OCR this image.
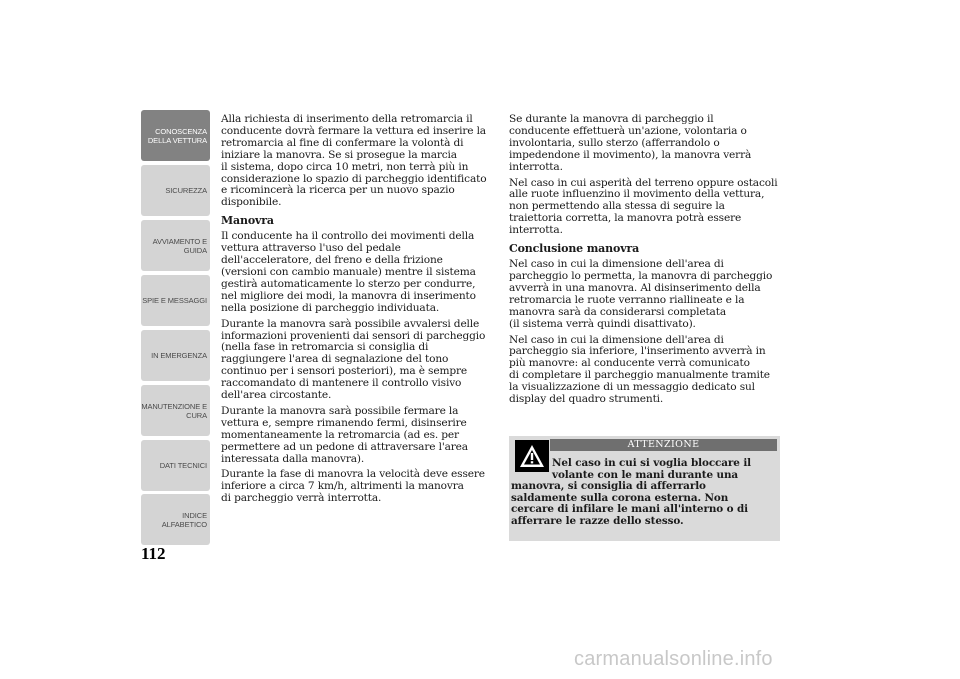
CONOSCENZA
DELLA VETTURA
SICUREZZA
AVVIAMENTO E
GUIDA
SPIE E MESSAGGI
IN EMERGENZA
MANUTENZIONE E
CURA
DATI TECNICI
INDICE
ALFABETICO
112

Alla richiesta di inserimento della retromarcia il
conducente dovrà fermare la vettura ed inserire la
retromarcia al fine di confermare la volontà di
iniziare la manovra. Se si prosegue la marcia
il sistema, dopo circa 10 metri, non terrà più in
considerazione lo spazio di parcheggio identificato
e ricomincerà la ricerca per un nuovo spazio
disponibile.

Manovra

Il conducente ha il controllo dei movimenti della
vettura attraverso l'uso del pedale
dell'acceleratore, del freno e della frizione
(versioni con cambio manuale) mentre il sistema
gestirà automaticamente lo sterzo per condurre,
nel migliore dei modi, la manovra di inserimento
nella posizione di parcheggio individuata.

Durante la manovra sarà possibile avvalersi delle
informazioni provenienti dai sensori di parcheggio
(nella fase in retromarcia si consiglia di
raggiungere l'area di segnalazione del tono
continuo per i sensori posteriori), ma è sempre
raccomandato di mantenere il controllo visivo
dell'area circostante.

Durante la manovra sarà possibile fermare la
vettura e, sempre rimanendo fermi, disinserire
momentaneamente la retromarcia (ad es. per
permettere ad un pedone di attraversare l'area
interessata dalla manovra).

Durante la fase di manovra la velocità deve essere
inferiore a circa 7 km/h, altrimenti la manovra
di parcheggio verrà interrotta.

Se durante la manovra di parcheggio il
conducente effettuerà un'azione, volontaria o
involontaria, sullo sterzo (afferrandolo o
impedendone il movimento), la manovra verrà
interrotta.

Nel caso in cui asperità del terreno oppure ostacoli
alle ruote influenzino il movimento della vettura,
non permettendo alla stessa di seguire la
traiettoria corretta, la manovra potrà essere
interrotta.

Conclusione manovra

Nel caso in cui la dimensione dell'area di
parcheggio lo permetta, la manovra di parcheggio
avverrà in una manovra. Al disinserimento della
retromarcia le ruote verranno riallineate e la
manovra sarà da considerarsi completata
(il sistema verrà quindi disattivato).

Nel caso in cui la dimensione dell'area di
parcheggio sia inferiore, l'inserimento avverrà in
più manovre: al conducente verrà comunicato
di completare il parcheggio manualmente tramite
la visualizzazione di un messaggio dedicato sul
display del quadro strumenti.

ATTENZIONE
Nel caso in cui si voglia bloccare il
volante con le mani durante una
manovra, si consiglia di afferrarlo
saldamente sulla corona esterna. Non
cercare di infilare le mani all'interno o di
afferrare le razze dello stesso.
carmanualsonline.info
